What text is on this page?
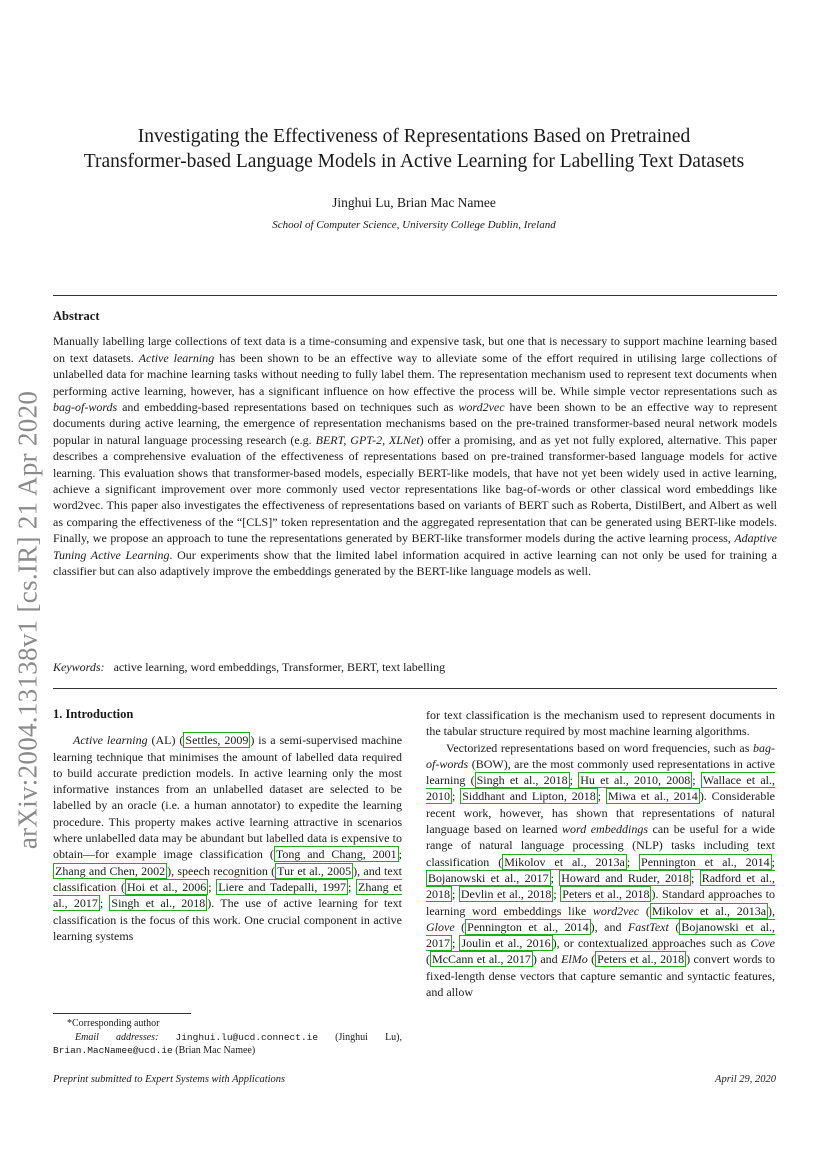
arXiv:2004.13138v1 [cs.IR] 21 Apr 2020
Investigating the Effectiveness of Representations Based on Pretrained
Transformer-based Language Models in Active Learning for Labelling Text Datasets
Jinghui Lu, Brian Mac Namee
School of Computer Science, University College Dublin, Ireland
Abstract

Manually labelling large collections of text data is a time-consuming and expensive task, but one that is necessary to support machine learning based on text datasets. Active learning has been shown to be an effective way to alleviate some of the effort required in utilising large collections of unlabelled data for machine learning tasks without needing to fully label them. The representation mechanism used to represent text documents when performing active learning, however, has a significant influence on how effective the process will be. While simple vector representations such as bag-of-words and embedding-based representations based on techniques such as word2vec have been shown to be an effective way to represent documents during active learning, the emergence of representation mechanisms based on the pre-trained transformer-based neural network models popular in natural language processing research (e.g. BERT, GPT-2, XLNet) offer a promising, and as yet not fully explored, alternative. This paper describes a comprehensive evaluation of the effectiveness of representations based on pre-trained transformer-based language models for active learning. This evaluation shows that transformer-based models, especially BERT-like models, that have not yet been widely used in active learning, achieve a significant improvement over more commonly used vector representations like bag-of-words or other classical word embeddings like word2vec. This paper also investigates the effectiveness of representations based on variants of BERT such as Roberta, DistilBert, and Albert as well as comparing the effectiveness of the “[CLS]” token representation and the aggregated representation that can be generated using BERT-like models. Finally, we propose an approach to tune the representations generated by BERT-like transformer models during the active learning process, Adaptive Tuning Active Learning. Our experiments show that the limited label information acquired in active learning can not only be used for training a classifier but can also adaptively improve the embeddings generated by the BERT-like language models as well.

Keywords: active learning, word embeddings, Transformer, BERT, text labelling

1. Introduction

Active learning (AL) ( Settles, 2009 ) is a semi-supervised machine learning technique that minimises the amount of labelled data required to build accurate prediction models. In active learning only the most informative instances from an unlabelled dataset are selected to be labelled by an oracle (i.e. a human annotator) to expedite the learning procedure. This property makes active learning attractive in scenarios where unlabelled data may be abundant but labelled data is expensive to obtain—for example image classification ( Tong and Chang, 2001 ; Zhang and Chen, 2002 ), speech recognition ( Tur et al., 2005 ), and text classification ( Hoi et al., 2006 ; Liere and Tadepalli, 1997 ; Zhang et al., 2017 ; Singh et al., 2018 ). The use of active learning for text classification is the focus of this work. One crucial component in active learning systems

*Corresponding author

Email addresses: Jinghui.lu@ucd.connect.ie (Jinghui Lu), Brian.MacNamee@ucd.ie (Brian Mac Namee)

for text classification is the mechanism used to represent documents in the tabular structure required by most machine learning algorithms.

Vectorized representations based on word frequencies, such as bag-of-words (BOW), are the most commonly used representations in active learning ( Singh et al., 2018 ; Hu et al., 2010, 2008 ; Wallace et al., 2010 ; Siddhant and Lipton, 2018 ; Miwa et al., 2014 ). Considerable recent work, however, has shown that representations of natural language based on learned word embeddings can be useful for a wide range of natural language processing (NLP) tasks including text classification ( Mikolov et al., 2013a ; Pennington et al., 2014 ; Bojanowski et al., 2017 ; Howard and Ruder, 2018 ; Radford et al., 2018 ; Devlin et al., 2018 ; Peters et al., 2018 ). Standard approaches to learning word embeddings like word2vec ( Mikolov et al., 2013a ), Glove ( Pennington et al., 2014 ), and FastText ( Bojanowski et al., 2017 ; Joulin et al., 2016 ), or contextualized approaches such as Cove ( McCann et al., 2017 ) and ElMo ( Peters et al., 2018 ) convert words to fixed-length dense vectors that capture semantic and syntactic features, and allow

Preprint submitted to Expert Systems with Applications	April 29, 2020
